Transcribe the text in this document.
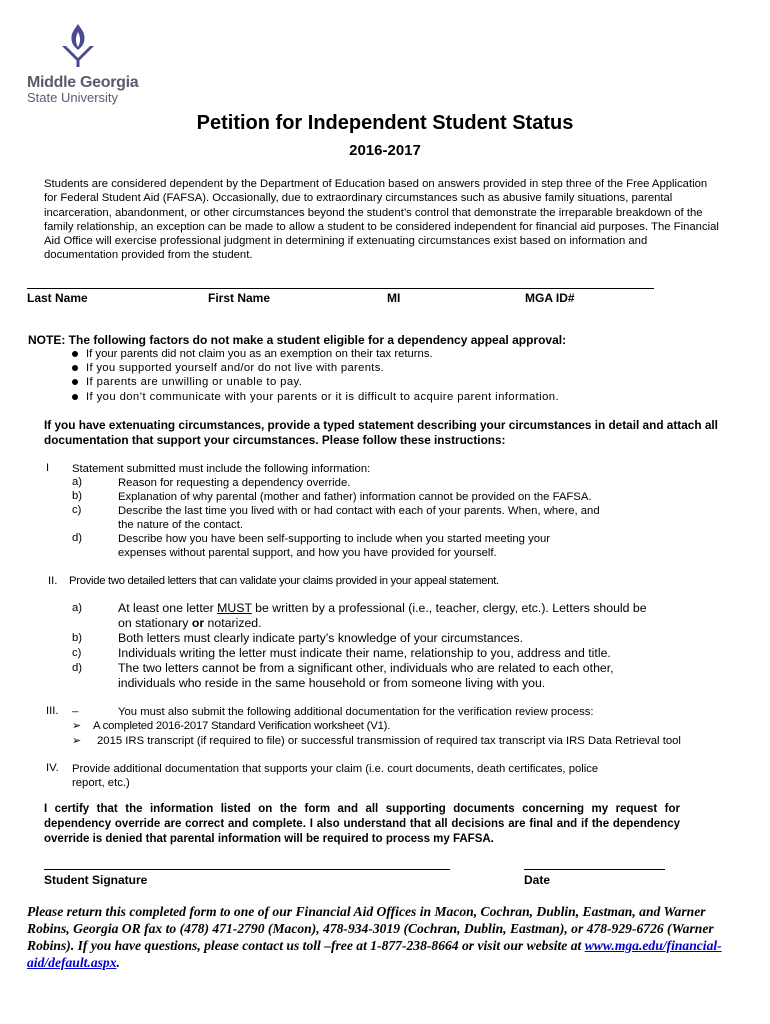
Middle Georgia
State University
Petition for Independent Student Status
2016-2017
Students are considered dependent by the Department of Education based on answers provided in step three of the Free Application for Federal Student Aid (FAFSA). Occasionally, due to extraordinary circumstances such as abusive family situations, parental incarceration, abandonment, or other circumstances beyond the student’s control that demonstrate the irreparable breakdown of the family relationship, an exception can be made to allow a student to be considered independent for financial aid purposes. The Financial Aid Office will exercise professional judgment in determining if extenuating circumstances exist based on information and documentation provided from the student.
Last Name	First Name	MI	MGA ID#
NOTE: The following factors do not make a student eligible for a dependency appeal approval:
If your parents did not claim you as an exemption on their tax returns.
If you supported yourself and/or do not live with parents.
If parents are unwilling or unable to pay.
If you don’t communicate with your parents or it is difficult to acquire parent information.
If you have extenuating circumstances, provide a typed statement describing your circumstances in detail and attach all documentation that support your circumstances. Please follow these instructions:
I Statement submitted must include the following information:
a)	Reason for requesting a dependency override.
b)	Explanation of why parental (mother and father) information cannot be provided on the FAFSA.
c)	Describe the last time you lived with or had contact with each of your parents. When, where, and the nature of the contact.
d)	Describe how you have been self-supporting to include when you started meeting your expenses without parental support, and how you have provided for yourself.
II. Provide two detailed letters that can validate your claims provided in your appeal statement.
a)	At least one letter MUST be written by a professional (i.e., teacher, clergy, etc.). Letters should be on stationary or notarized.
b)	Both letters must clearly indicate party’s knowledge of your circumstances.
c)	Individuals writing the letter must indicate their name, relationship to you, address and title.
d)	The two letters cannot be from a significant other, individuals who are related to each other, individuals who reside in the same household or from someone living with you.
III. _	You must also submit the following additional documentation for the verification review process:
➢ A completed 2016-2017 Standard Verification worksheet (V1).
➢ 2015 IRS transcript (if required to file) or successful transmission of required tax transcript via IRS Data Retrieval tool
IV. Provide additional documentation that supports your claim (i.e. court documents, death certificates, police report, etc.)
I certify that the information listed on the form and all supporting documents concerning my request for dependency override are correct and complete. I also understand that all decisions are final and if the dependency override is denied that parental information will be required to process my FAFSA.
Student Signature	Date
Please return this completed form to one of our Financial Aid Offices in Macon, Cochran, Dublin, Eastman, and Warner Robins, Georgia OR fax to (478) 471-2790 (Macon), 478-934-3019 (Cochran, Dublin, Eastman), or 478-929-6726 (Warner Robins). If you have questions, please contact us toll –free at 1-877-238-8664 or visit our website at www.mga.edu/financial-aid/default.aspx.
